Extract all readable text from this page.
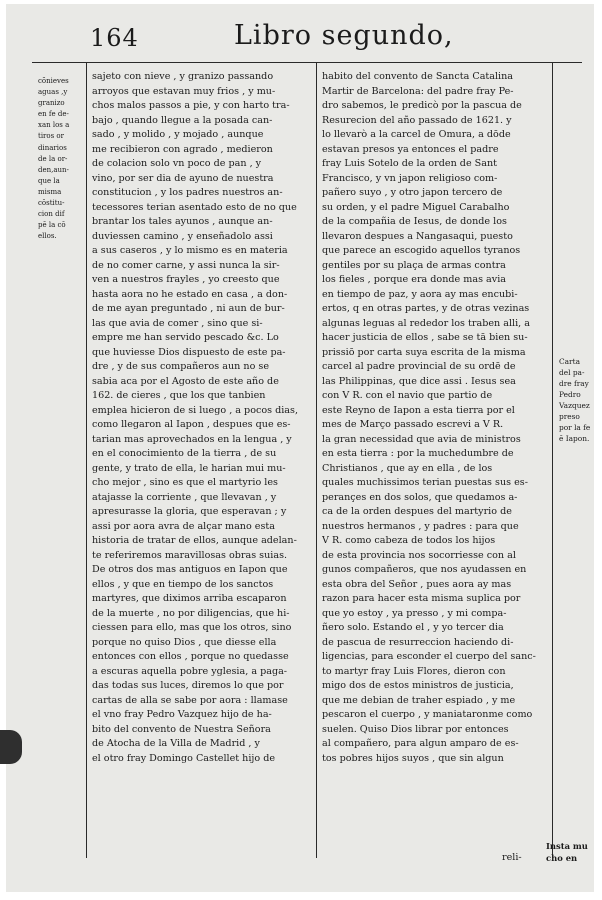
164	Libro segundo,
cõnieves
aguas ,y
granizo
en fe de-
xan los a
tiros or
dinarios
de la or-
den,aun-
que la
misma
cōstitu-
cion dif
pē la cō
ellos.
sajeto con nieve , y granizo passando
arroyos que estavan muy frios , y mu-
chos malos passos a pie, y con harto tra-
bajo , quando llegue a la posada can-
sado , y molido , y mojado , aunque
me recibieron con agrado , medieron
de colacion solo vn poco de pan , y
vino, por ser dia de ayuno de nuestra
constitucion , y los padres nuestros an-
tecessores terian asentado esto de no que
brantar los tales ayunos , aunque an-
duviessen camino , y enseñadolo assi
a sus caseros , y lo mismo es en materia
de no comer carne, y assi nunca la sir-
ven a nuestros frayles , yo creesto que
hasta aora no he estado en casa , a don-
de me ayan preguntado , ni aun de bur-
las que avia de comer , sino que si-
empre me han servido pescado &c. Lo
que huviesse Dios dispuesto de este pa-
dre , y de sus compañeros aun no se
sabia aca por el Agosto de este año de
162. de cieres , que los que tanbien
emplea hicieron de si luego , a pocos dias,
como llegaron al Iapon , despues que es-
tarian mas aprovechados en la lengua , y
en el conocimiento de la tierra , de su
gente, y trato de ella, le harian mui mu-
cho mejor , sino es que el martyrio les
atajasse la corriente , que llevavan , y
apresurasse la gloria, que esperavan ; y
assi por aora avra de alçar mano esta
historia de tratar de ellos, aunque adelan-
te referiremos maravillosas obras suias.
De otros dos mas antiguos en Iapon que
ellos , y que en tiempo de los sanctos
martyres, que diximos arriba escaparon
de la muerte , no por diligencias, que hi-
ciessen para ello, mas que los otros, sino
porque no quiso Dios , que diesse ella
entonces con ellos , porque no quedasse
a escuras aquella pobre yglesia, a paga-
das todas sus luces, diremos lo que por
cartas de alla se sabe por aora : llamase
el vno fray Pedro Vazquez hijo de ha-
bito del convento de Nuestra Señora
de Atocha de la Villa de Madrid , y
el otro fray Domingo Castellet hijo de
habito del convento de Sancta Catalina
Martir de Barcelona: del padre fray Pe-
dro sabemos, le predicò por la pascua de
Resurecion del año passado de 1621. y
lo llevarò a la carcel de Omura, a dōde
estavan presos ya entonces el padre
fray Luis Sotelo de la orden de Sant
Francisco, y vn japon religioso com-
pañero suyo , y otro japon tercero de
su orden, y el padre Miguel Carabalho
de la compañia de Iesus, de donde los
llevaron despues a Nangasaqui, puesto
que parece an escogido aquellos tyranos
gentiles por su plaça de armas contra
los fieles , porque era donde mas avia
en tiempo de paz, y aora ay mas encubi-
ertos, q en otras partes, y de otras vezinas
algunas leguas al rededor los traben alli, a
hacer justicia de ellos , sabe se tā bien su-
prissiō por carta suya escrita de la misma
carcel al padre provincial de su ordē de
las Philippinas, que dice assi . Iesus sea
con V R. con el navio que partio de
este Reyno de Iapon a esta tierra por el
mes de Março passado escrevi a V R.
la gran necessidad que avia de ministros
en esta tierra : por la muchedumbre de
Christianos , que ay en ella , de los
quales muchissimos terian puestas sus es-
perançes en dos solos, que quedamos a-
ca de la orden despues del martyrio de
nuestros hermanos , y padres : para que
V R. como cabeza de todos los hijos
de esta provincia nos socorriesse con al
gunos compañeros, que nos ayudassen en
esta obra del Señor , pues aora ay mas
razon para hacer esta misma suplica por
que yo estoy , ya presso , y mi compa-
ñero solo. Estando el , y yo tercer dia
de pascua de resurreccion haciendo di-
ligencias, para esconder el cuerpo del sanc-
to martyr fray Luis Flores, dieron con
migo dos de estos ministros de justicia,
que me debian de traher espiado , y me
pescaron el cuerpo , y maniataronme como
suelen. Quiso Dios librar por entonces
al compañero, para algun amparo de es-
tos pobres hijos suyos , que sin algun
Carta
del pa-
dre fray
Pedro
Vazquez
preso
por la fe
ē Iapon.
Insta mu
cho en
reli-
